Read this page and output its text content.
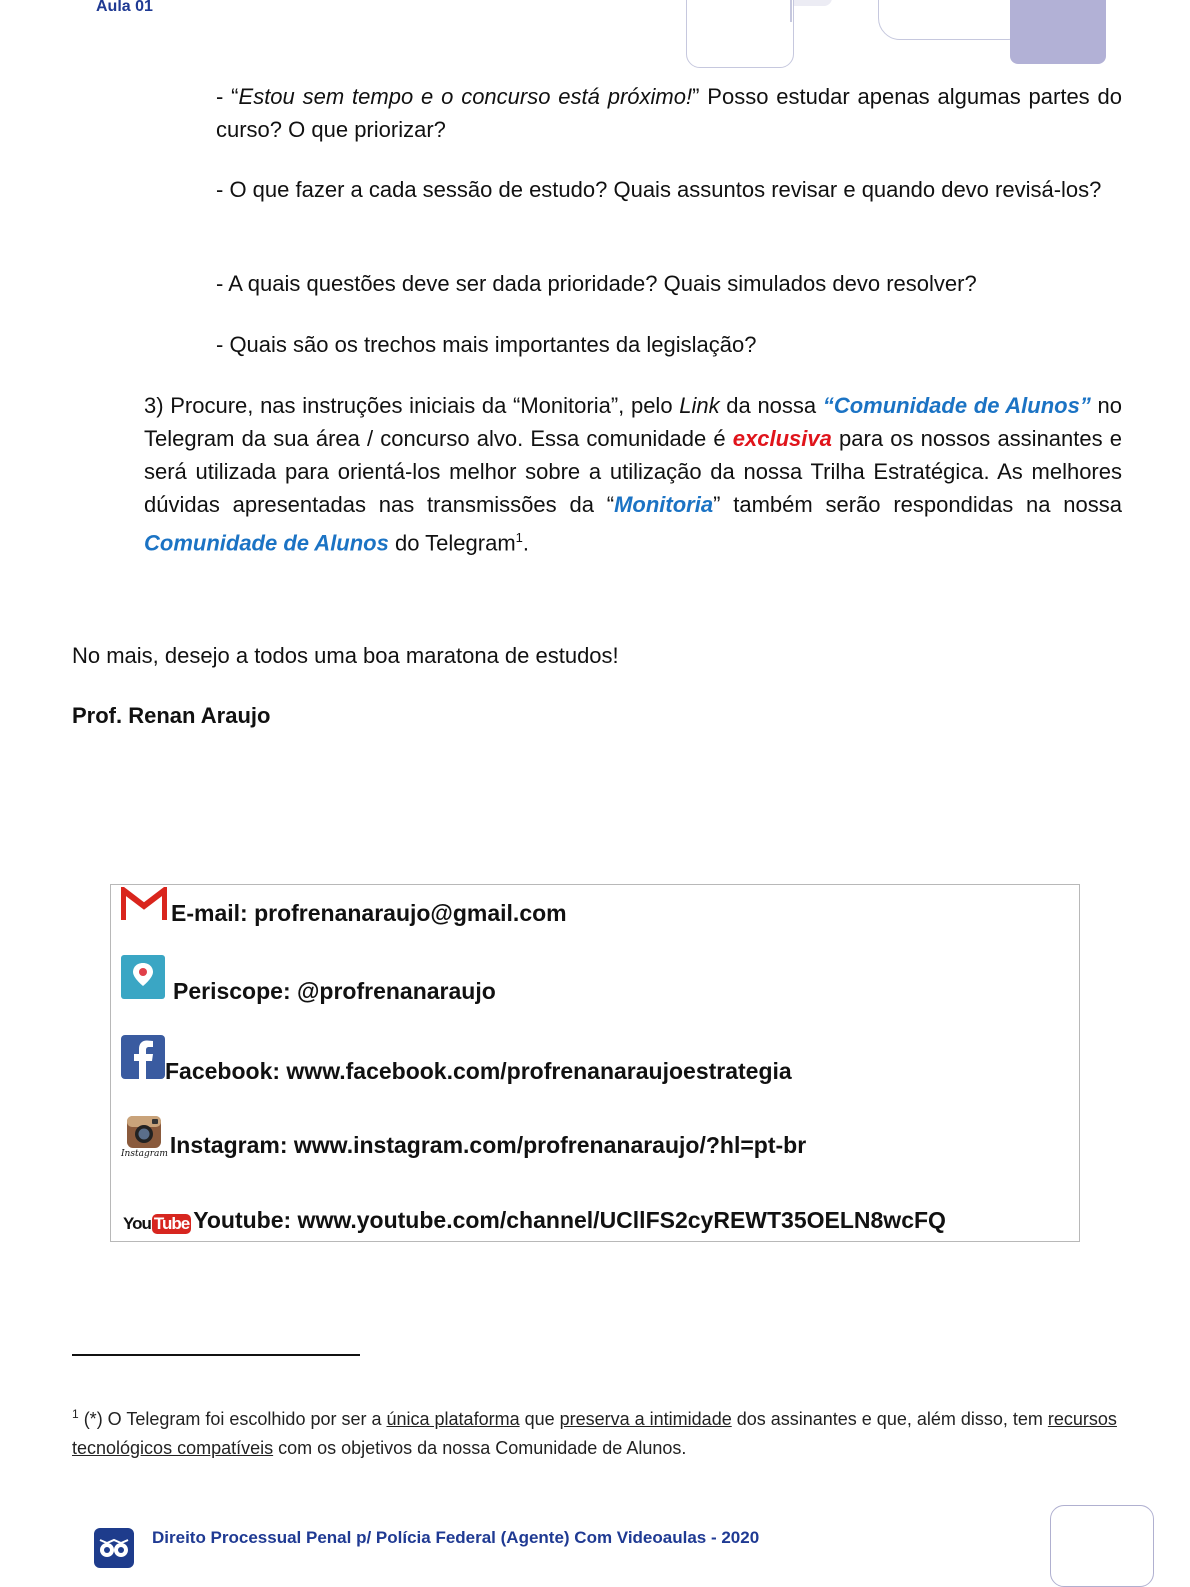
Aula 01

- “Estou sem tempo e o concurso está próximo!” Posso estudar apenas algumas partes do curso? O que priorizar?

- O que fazer a cada sessão de estudo? Quais assuntos revisar e quando devo revisá-los?

- A quais questões deve ser dada prioridade? Quais simulados devo resolver?

- Quais são os trechos mais importantes da legislação?

3) Procure, nas instruções iniciais da “Monitoria”, pelo Link da nossa “Comunidade de Alunos” no Telegram da sua área / concurso alvo. Essa comunidade é exclusiva para os nossos assinantes e será utilizada para orientá-los melhor sobre a utilização da nossa Trilha Estratégica. As melhores dúvidas apresentadas nas transmissões da “Monitoria” também serão respondidas na nossa Comunidade de Alunos do Telegram$^1$.

No mais, desejo a todos uma boa maratona de estudos!

Prof. Renan Araujo

E-mail: profrenanaraujo@gmail.com
Periscope: @profrenanaraujo
Facebook: www.facebook.com/profrenanaraujoestrategia
Instagram Instagram: www.instagram.com/profrenanaraujo/?hl=pt-br
You Tube Youtube: www.youtube.com/channel/UCllFS2cyREWT35OELN8wcFQ

$^1$ (*) O Telegram foi escolhido por ser a única plataforma que preserva a intimidade dos assinantes e que, além disso, tem recursos tecnológicos compatíveis com os objetivos da nossa Comunidade de Alunos.

Direito Processual Penal p/ Polícia Federal (Agente) Com Videoaulas - 2020
